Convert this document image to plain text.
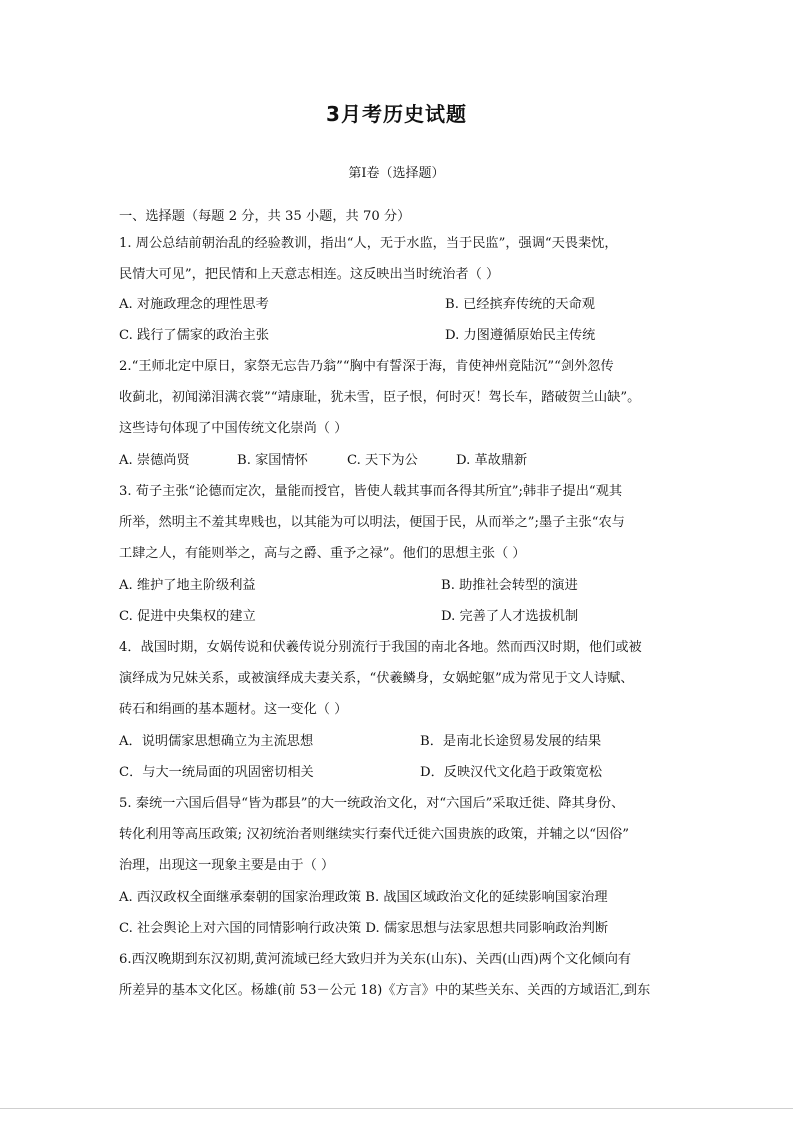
3月考历史试题
第Ⅰ卷（选择题）
一、选择题（每题 2 分，共 35 小题，共 70 分）
1. 周公总结前朝治乱的经验教训，指出“人，无于水监，当于民监”，强调“天畏棐忱，
民情大可见”，把民情和上天意志相连。这反映出当时统治者（ ）
A. 对施政理念的理性思考	B. 已经摈弃传统的天命观
C. 践行了儒家的政治主张	D. 力图遵循原始民主传统
2.“王师北定中原日，家祭无忘告乃翁”“胸中有誓深于海，肯使神州竟陆沉”“剑外忽传
收蓟北，初闻涕泪满衣裳”“靖康耻，犹未雪，臣子恨，何时灭！驾长车，踏破贺兰山缺”。
这些诗句体现了中国传统文化崇尚（ ）
A. 崇德尚贤	B. 家国情怀	C. 天下为公	D. 革故鼎新
3. 荀子主张“论德而定次，量能而授官，皆使人载其事而各得其所宜”;韩非子提出“观其
所举，然明主不羞其卑贱也，以其能为可以明法，便国于民，从而举之”;墨子主张“农与
工肆之人，有能则举之，高与之爵、重予之禄”。他们的思想主张（ ）
A. 维护了地主阶级利益	B. 助推社会转型的演进
C. 促进中央集权的建立	D. 完善了人才选拔机制
4．战国时期，女娲传说和伏羲传说分别流行于我国的南北各地。然而西汉时期，他们或被
演绎成为兄妹关系，或被演绎成夫妻关系，“伏羲鳞身，女娲蛇躯”成为常见于文人诗赋、
砖石和绢画的基本题材。这一变化（ ）
A．说明儒家思想确立为主流思想	B．是南北长途贸易发展的结果
C．与大一统局面的巩固密切相关	D．反映汉代文化趋于政策宽松
5. 秦统一六国后倡导“皆为郡县”的大一统政治文化，对“六国后”采取迁徙、降其身份、
转化利用等高压政策; 汉初统治者则继续实行秦代迁徙六国贵族的政策，并辅之以“因俗”
治理，出现这一现象主要是由于（ ）
A. 西汉政权全面继承秦朝的国家治理政策 B. 战国区域政治文化的延续影响国家治理
C. 社会舆论上对六国的同情影响行政决策 D. 儒家思想与法家思想共同影响政治判断
6.西汉晚期到东汉初期,黄河流域已经大致归并为关东(山东)、关西(山西)两个文化倾向有
所差异的基本文化区。杨雄(前 53－公元 18)《方言》中的某些关东、关西的方域语汇,到东
